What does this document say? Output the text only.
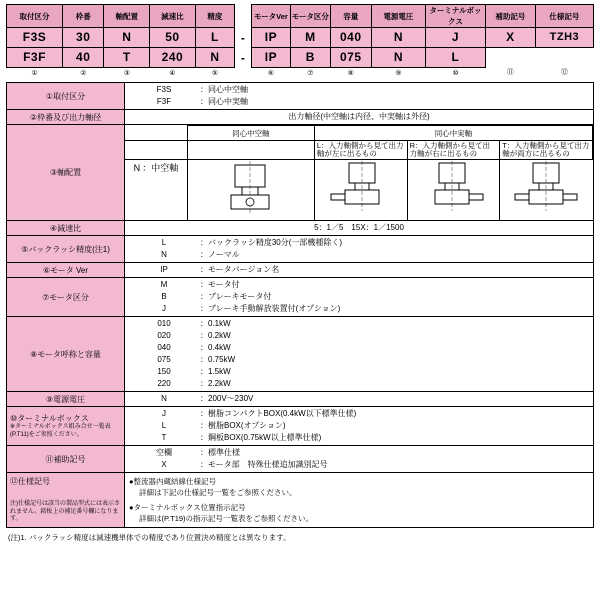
取付区分	枠番	軸配置	減速比	精度		モータVer	モータ区分	容量	電源電圧	ターミナルボックス	補助記号	仕様記号
F3S	30	N	50	L	-	IP	M	040	N	J	X	TZH3
F3F	40	T	240	N	-	IP	B	075	N	L		
①	②	③	④	⑤		⑥	⑦	⑧	⑨	⑩	⑪	⑫
①取付区分	
F3S	：同心中空軸
F3F	：同心中実軸

②枠番及び出力軸径	出力軸径(中空軸は内径、中実軸は外径)

③軸配置	
	同心中空軸	同心中実軸
		L：入力軸側から見て出力軸が左に出るもの	R：入力軸側から見て出力軸が右に出るもの	T：入力軸側から見て出力軸が両方に出るもの
N ：中空軸	

④減速比	5：1／5　15X：1／1500

⑤バックラッシ精度(注1)	
L	：バックラッシ精度30分(一部機種除く)
N	：ノーマル

⑥モータ Ver	IP	：モータバージョン名

⑦モータ区分	
M	：モータ付
B	：ブレーキモータ付
J	：ブレーキ手動解放装置付(オプション)

⑧モータ呼称と容量	
010	：0.1kW
020	：0.2kW
040	：0.4kW
075	：0.75kW
150	：1.5kW
220	：2.2kW

⑨電源電圧	N	：200V〜230V

⑩ターミナルボックス
※ターミナルボックス組み合せ一覧表(P.T11)をご参照ください。

J	：樹脂コンパクトBOX(0.4kW以下標準仕様)
L	：樹脂BOX(オプション)
T	：鋼板BOX(0.75kW以上標準仕様)

⑪補助記号	
空欄	：標準仕様
X	：モータ部　特殊仕様追加識別記号

⑫仕様記号
注)仕様記号は該当の製品型式には表示されません。銘板上の補足番号欄になります。

●整流器内蔵結線仕様記号
詳細は下記の仕様記号一覧をご参照ください。
●ターミナルボックス位置指示記号
詳細は(P.T19)の指示記号一覧表をご参照ください。
(注)1. バックラッシ精度は減速機単体での精度であり位置決め精度とは異なります。
